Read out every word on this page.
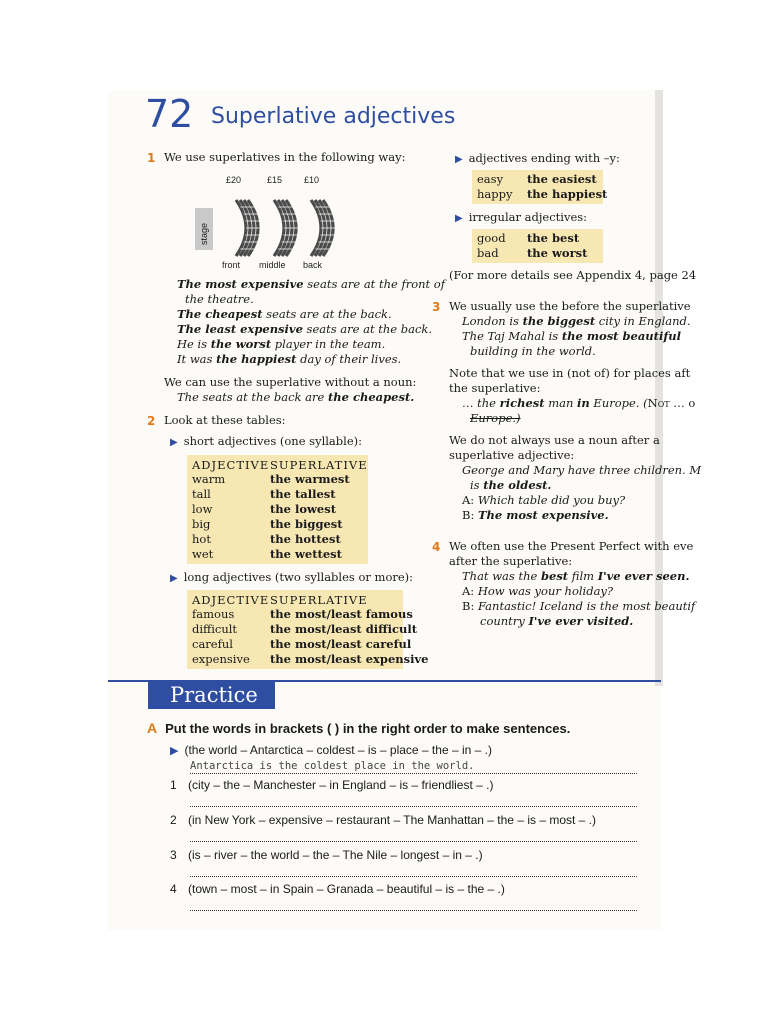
72 Superlative adjectives
1 We use superlatives in the following way:
£20	£15 £10
stage
front middle back
The most expensive seats are at the front of
the theatre.
The cheapest seats are at the back.
The least expensive seats are at the back.
He is the worst player in the team.
It was the happiest day of their lives.
We can use the superlative without a noun:
The seats at the back are the cheapest.
2 Look at these tables:
▶ short adjectives (one syllable):
ADJECTIVE SUPERLATIVE
warm	the warmest
tall	the tallest
low	the lowest
big	the biggest
hot	the hottest
wet	the wettest
▶ long adjectives (two syllables or more):
ADJECTIVE SUPERLATIVE
famous	the most/least famous
difficult	the most/least difficult
careful	the most/least careful
expensive the most/least expensive
▶ adjectives ending with –y:
easy the easiest
happy the happiest
▶ irregular adjectives:
good the best
bad the worst
(For more details see Appendix 4, page 24
3 We usually use the before the superlative
London is the biggest city in England.
The Taj Mahal is the most beautiful
building in the world.
Note that we use in (not of) for places aft
the superlative:
… the richest man in Europe. (Not … o
Europe.)
We do not always use a noun after a
superlative adjective:
George and Mary have three children. M
is the oldest.
A: Which table did you buy?
B: The most expensive.
4 We often use the Present Perfect with eve
after the superlative:
That was the best film I've ever seen.
A: How was your holiday?
B: Fantastic! Iceland is the most beautif
country I've ever visited.
Practice
A Put the words in brackets ( ) in the right order to make sentences.
▶ (the world – Antarctica – coldest – is – place – the – in – .)
Antarctica is the coldest place in the world.
1 (city – the – Manchester – in England – is – friendliest – .)
2 (in New York – expensive – restaurant – The Manhattan – the – is – most – .)
3 (is – river – the world – the – The Nile – longest – in – .)
4 (town – most – in Spain – Granada – beautiful – is – the – .)
